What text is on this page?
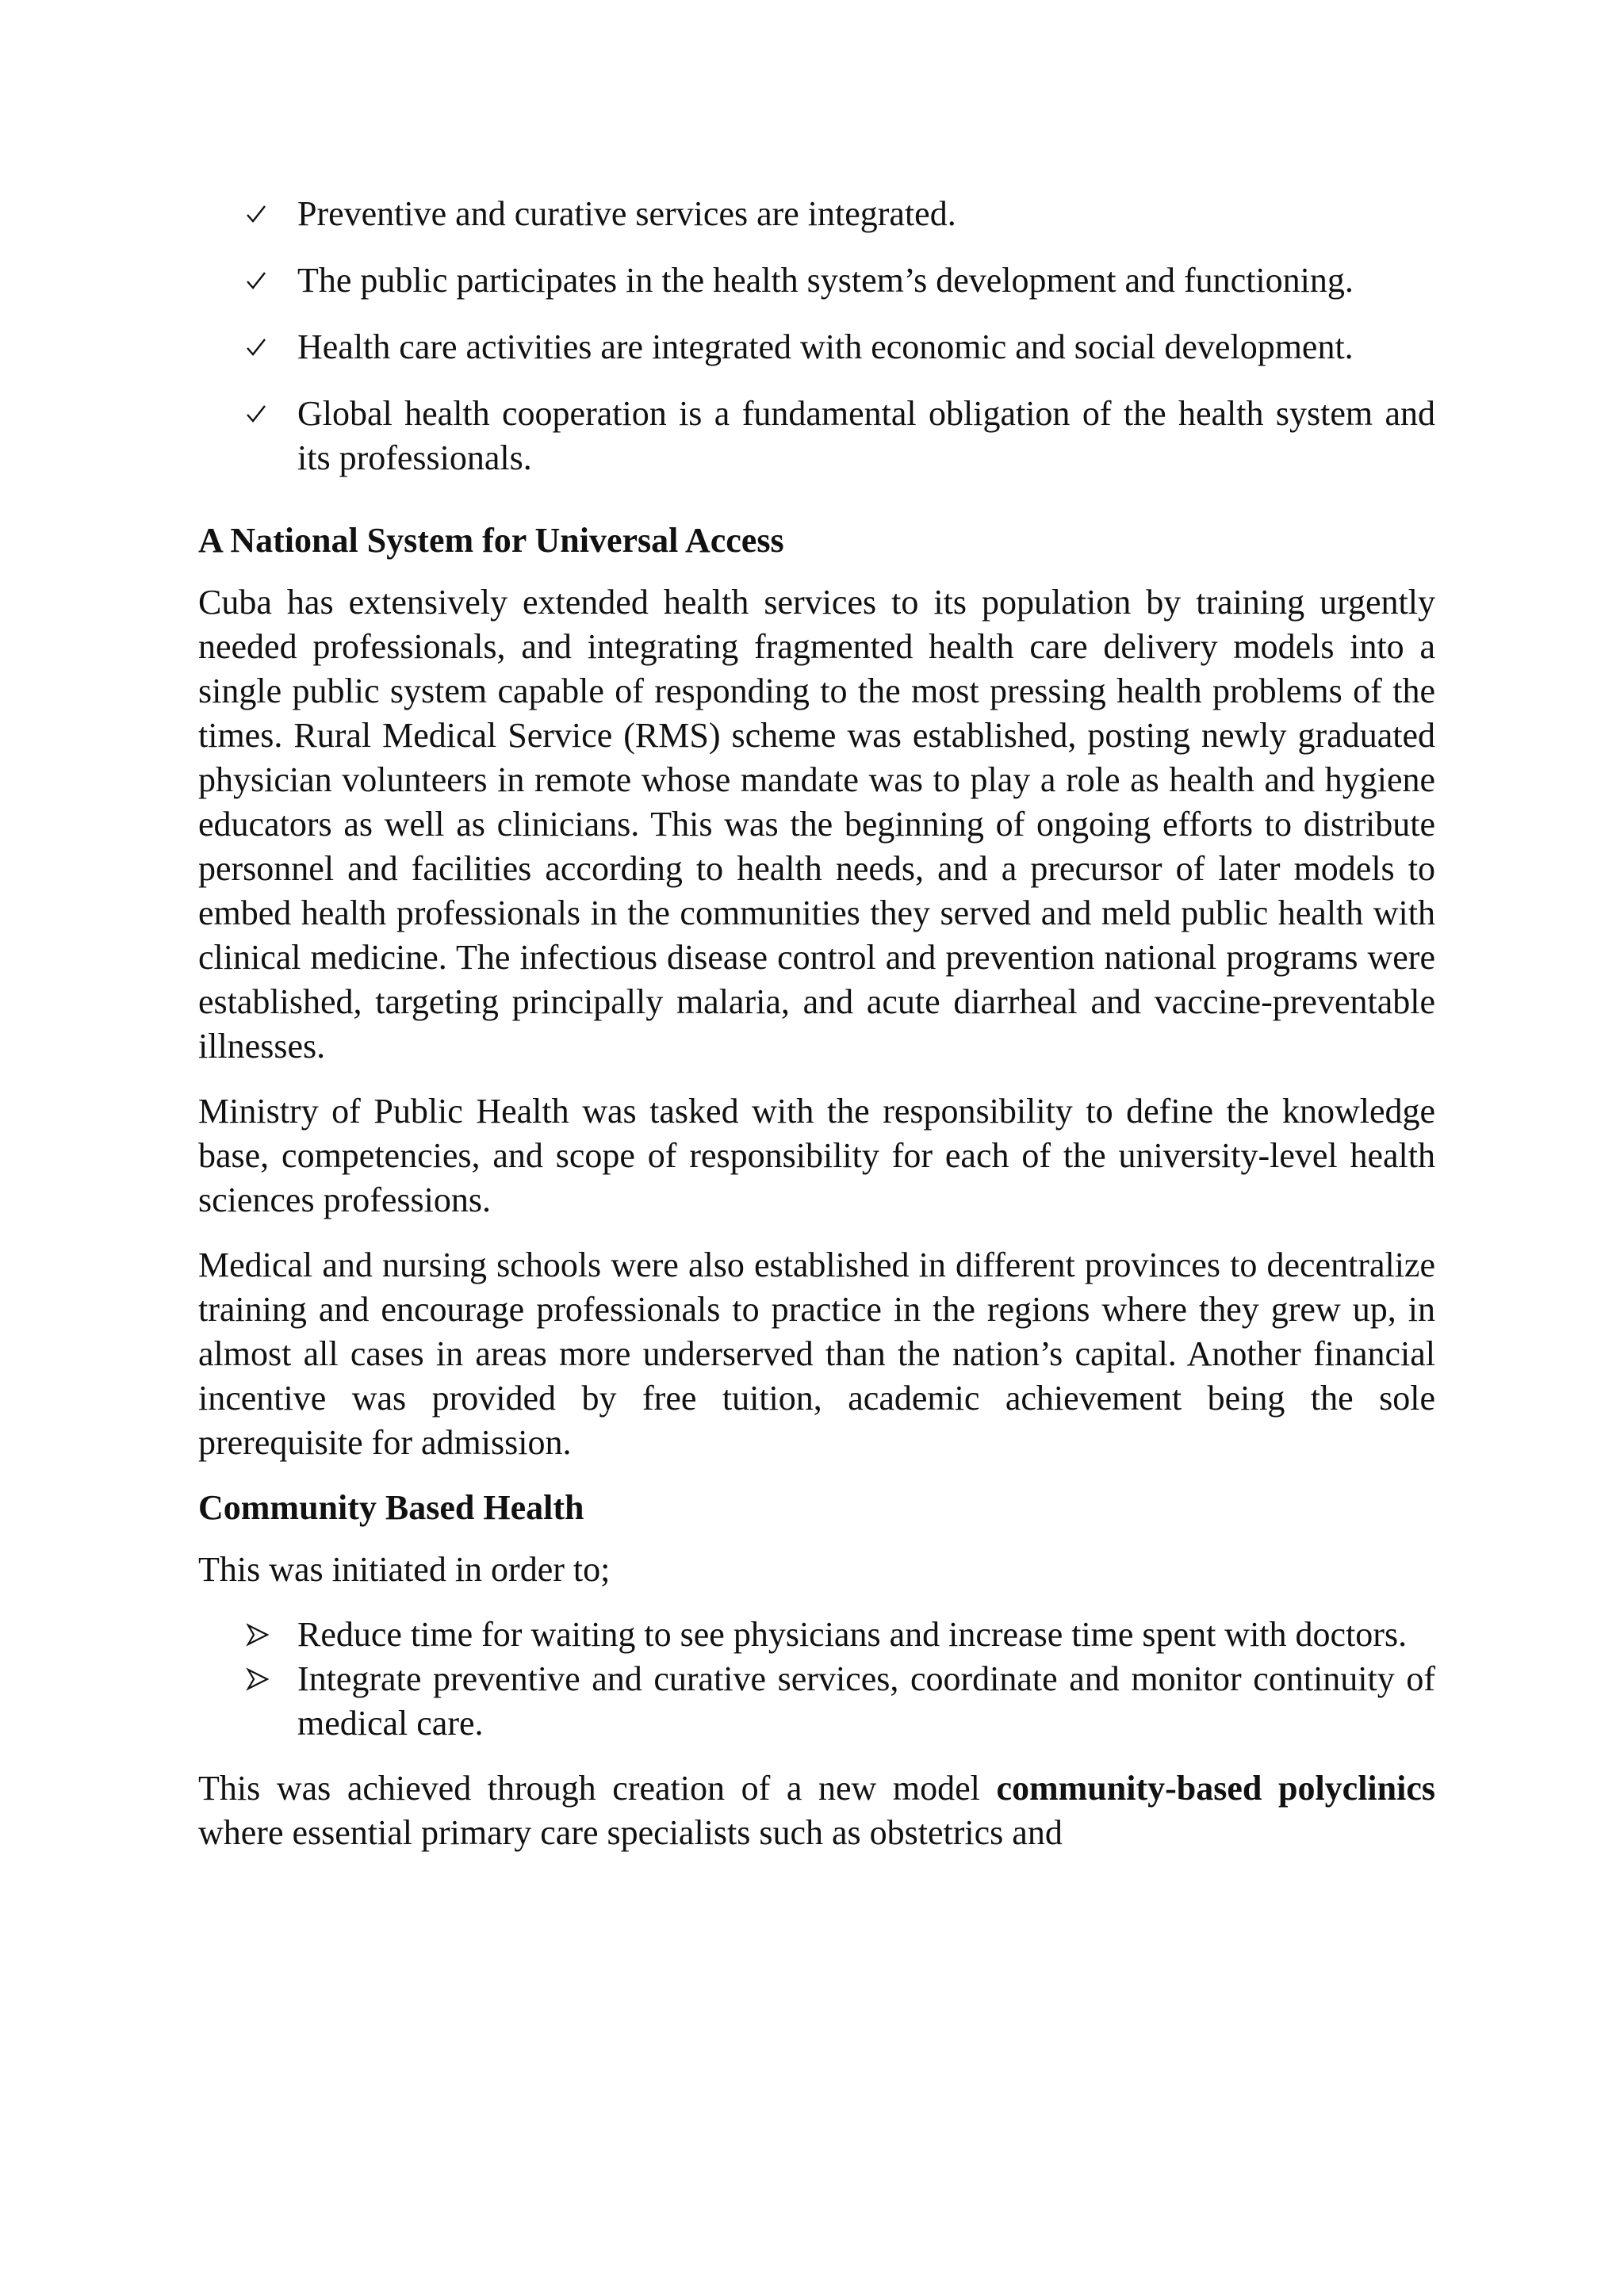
Preventive and curative services are integrated.
The public participates in the health system’s development and functioning.
Health care activities are integrated with economic and social development.
Global health cooperation is a fundamental obligation of the health system and its professionals.

A National System for Universal Access

Cuba has extensively extended health services to its population by training urgently needed professionals, and integrating fragmented health care delivery models into a single public system capable of responding to the most pressing health problems of the times. Rural Medical Service (RMS) scheme was established, posting newly graduated physician volunteers in remote whose mandate was to play a role as health and hygiene educators as well as clinicians. This was the beginning of ongoing efforts to distribute personnel and facilities according to health needs, and a precursor of later models to embed health professionals in the communities they served and meld public health with clinical medicine. The infectious disease control and prevention national programs were established, targeting principally malaria, and acute diarrheal and vaccine-preventable illnesses.

Ministry of Public Health was tasked with the responsibility to define the knowledge base, competencies, and scope of responsibility for each of the university-level health sciences professions.

Medical and nursing schools were also established in different provinces to decentralize training and encourage professionals to practice in the regions where they grew up, in almost all cases in areas more underserved than the nation’s capital. Another financial incentive was provided by free tuition, academic achievement being the sole prerequisite for admission.

Community Based Health

This was initiated in order to;

Reduce time for waiting to see physicians and increase time spent with doctors.
Integrate preventive and curative services, coordinate and monitor continuity of medical care.

This was achieved through creation of a new model community-based polyclinics where essential primary care specialists such as obstetrics and
